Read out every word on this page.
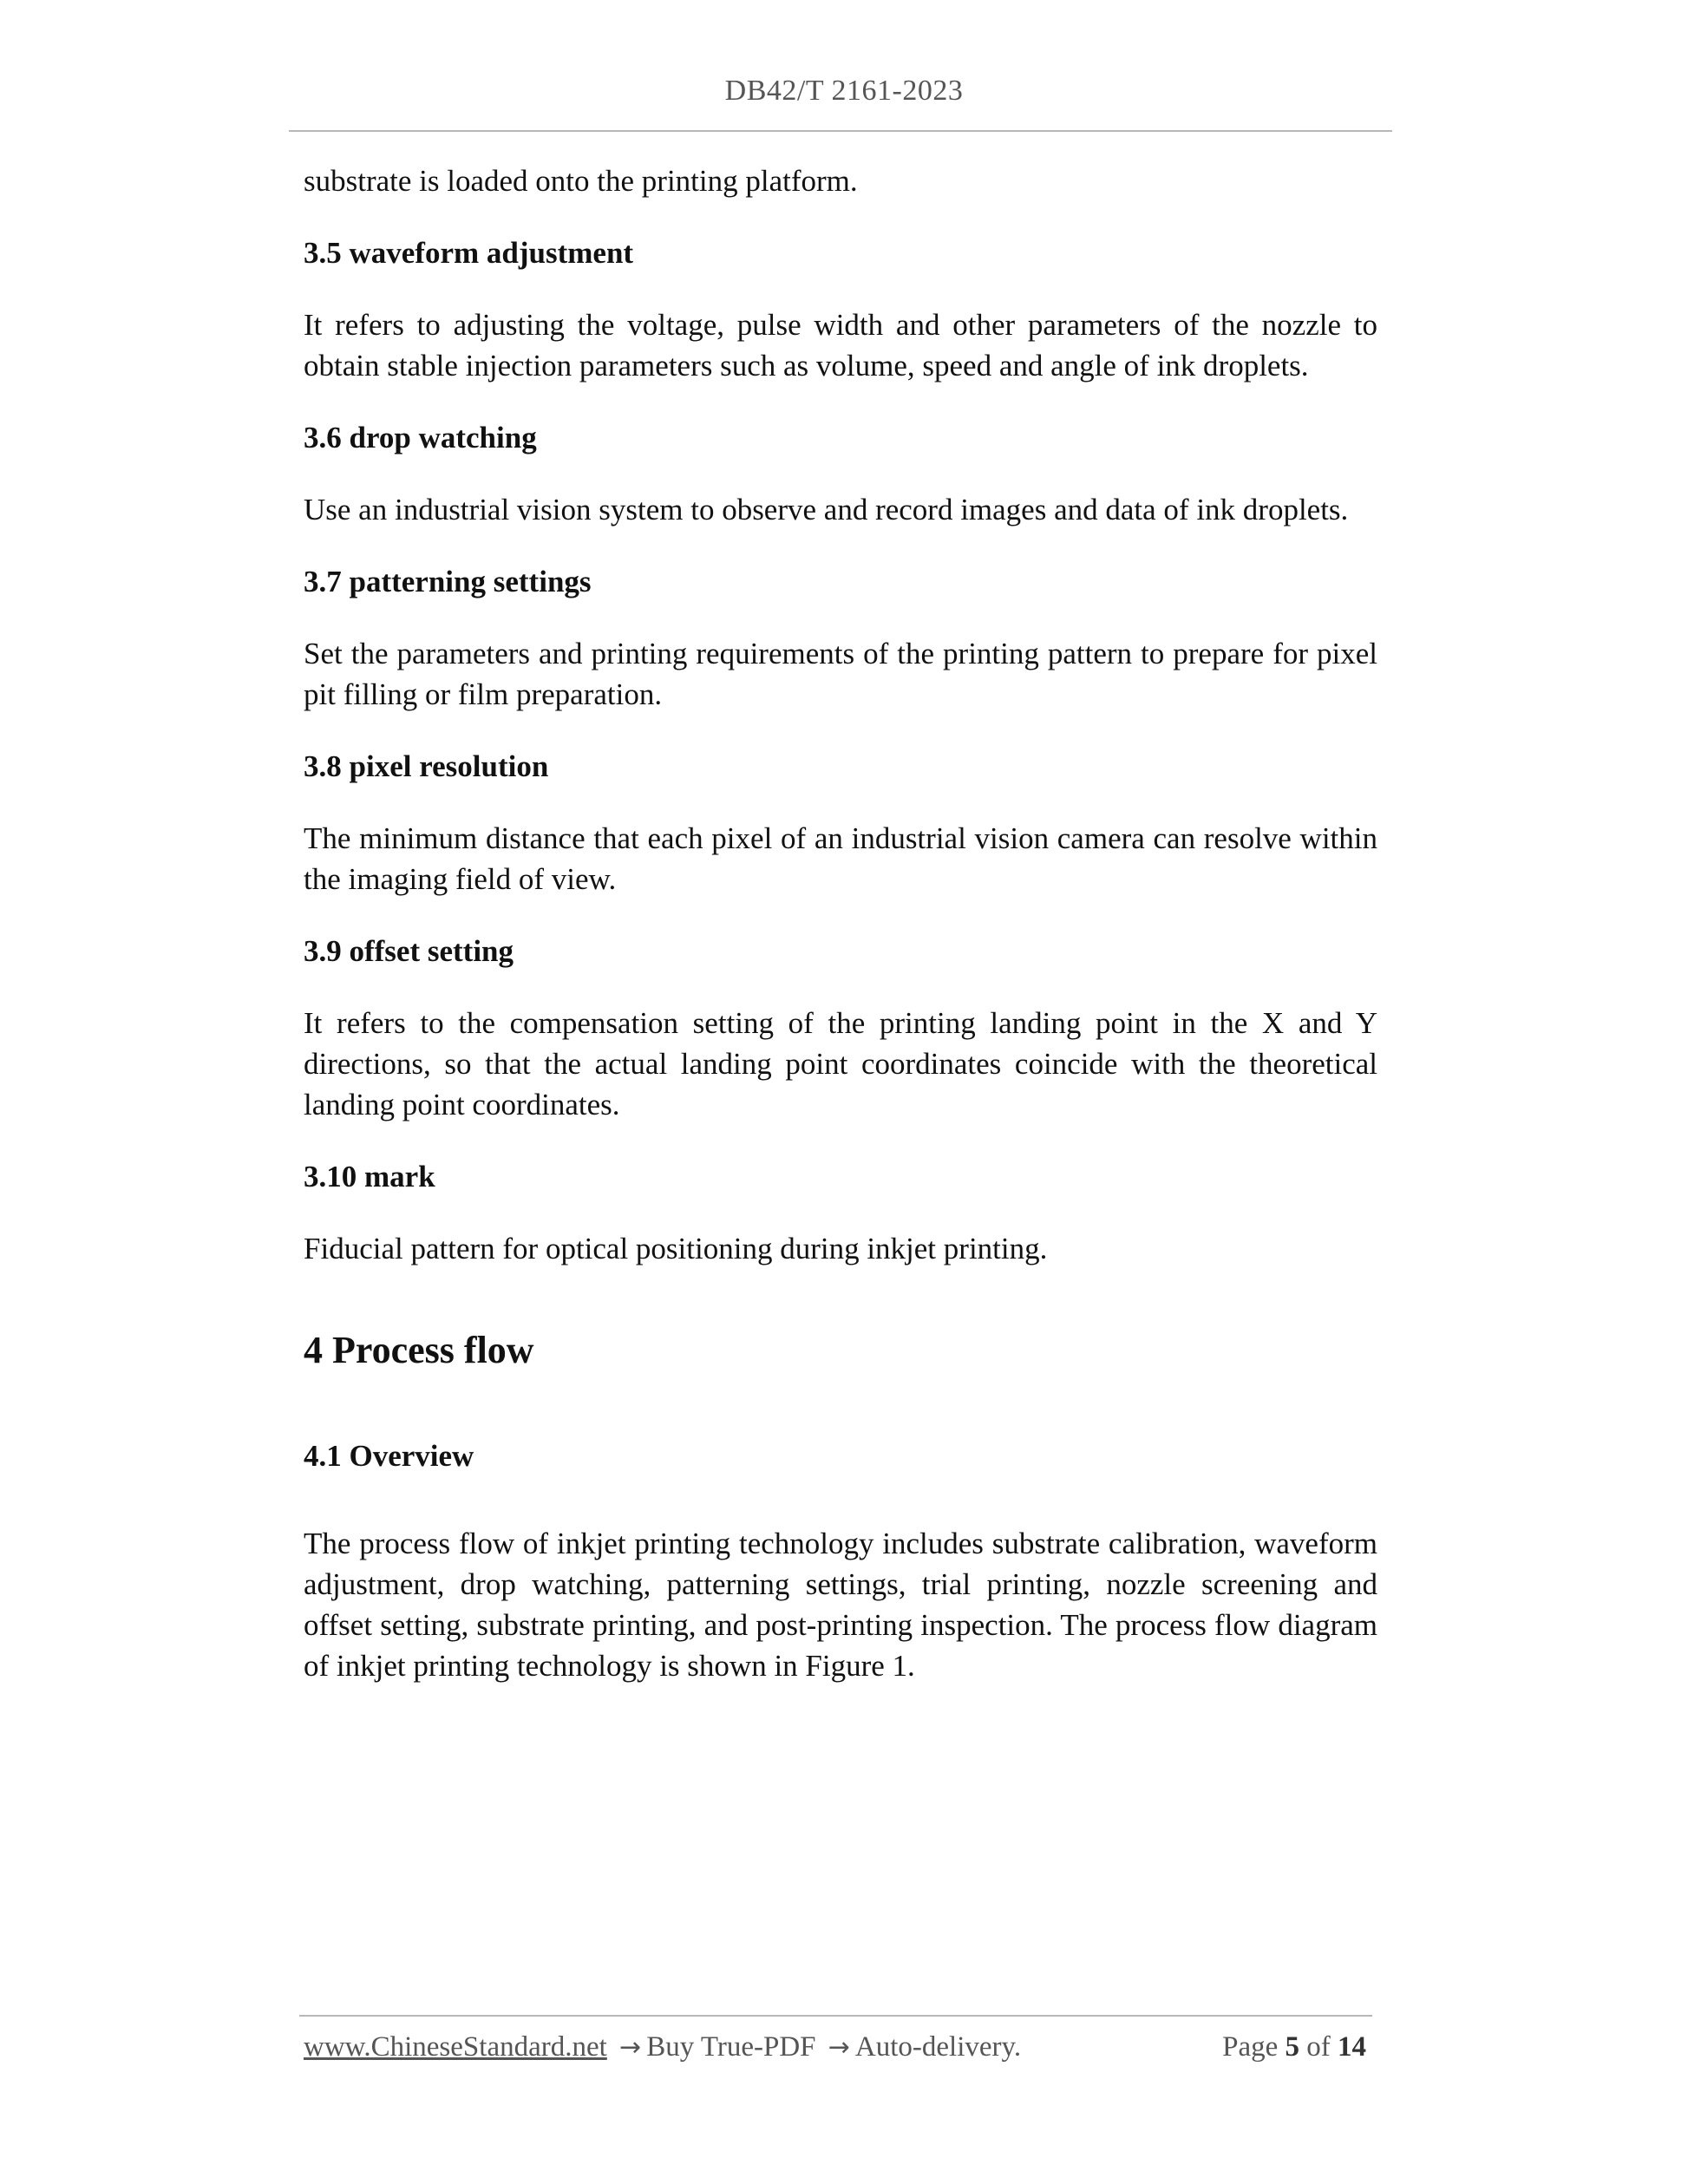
DB42/T 2161-2023

substrate is loaded onto the printing platform.

3.5 waveform adjustment

It refers to adjusting the voltage, pulse width and other parameters of the nozzle to obtain stable injection parameters such as volume, speed and angle of ink droplets.

3.6 drop watching

Use an industrial vision system to observe and record images and data of ink droplets.

3.7 patterning settings

Set the parameters and printing requirements of the printing pattern to prepare for pixel pit filling or film preparation.

3.8 pixel resolution

The minimum distance that each pixel of an industrial vision camera can resolve within the imaging field of view.

3.9 offset setting

It refers to the compensation setting of the printing landing point in the X and Y directions, so that the actual landing point coordinates coincide with the theoretical landing point coordinates.

3.10 mark

Fiducial pattern for optical positioning during inkjet printing.

4 Process flow

4.1 Overview

The process flow of inkjet printing technology includes substrate calibration, waveform adjustment, drop watching, patterning settings, trial printing, nozzle screening and offset setting, substrate printing, and post-printing inspection. The process flow diagram of inkjet printing technology is shown in Figure 1.

www.ChineseStandard.net → Buy True-PDF → Auto-delivery.	Page 5 of 14
